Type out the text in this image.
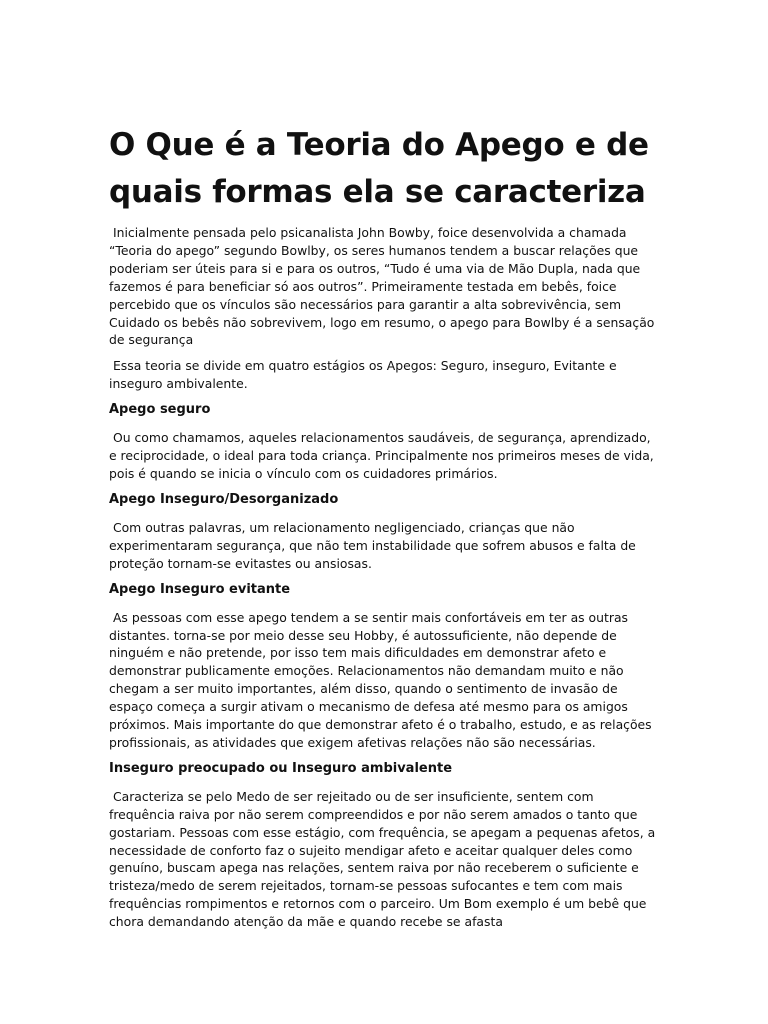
O Que é a Teoria do Apego e de quais formas ela se caracteriza

Inicialmente pensada pelo psicanalista John Bowby, foice desenvolvida a chamada “Teoria do apego” segundo Bowlby, os seres humanos tendem a buscar relações que poderiam ser úteis para si e para os outros, “Tudo é uma via de Mão Dupla, nada que fazemos é para beneficiar só aos outros”. Primeiramente testada em bebês, foice percebido que os vínculos são necessários para garantir a alta sobrevivência, sem Cuidado os bebês não sobrevivem, logo em resumo, o apego para Bowlby é a sensação de segurança

Essa teoria se divide em quatro estágios os Apegos: Seguro, inseguro, Evitante e inseguro ambivalente.

Apego seguro

Ou como chamamos, aqueles relacionamentos saudáveis, de segurança, aprendizado, e reciprocidade, o ideal para toda criança. Principalmente nos primeiros meses de vida, pois é quando se inicia o vínculo com os cuidadores primários.

Apego Inseguro/Desorganizado

Com outras palavras, um relacionamento negligenciado, crianças que não experimentaram segurança, que não tem instabilidade que sofrem abusos e falta de proteção tornam-se evitastes ou ansiosas.

Apego Inseguro evitante

As pessoas com esse apego tendem a se sentir mais confortáveis em ter as outras distantes. torna-se por meio desse seu Hobby, é autossuficiente, não depende de ninguém e não pretende, por isso tem mais dificuldades em demonstrar afeto e demonstrar publicamente emoções. Relacionamentos não demandam muito e não chegam a ser muito importantes, além disso, quando o sentimento de invasão de espaço começa a surgir ativam o mecanismo de defesa até mesmo para os amigos próximos. Mais importante do que demonstrar afeto é o trabalho, estudo, e as relações profissionais, as atividades que exigem afetivas relações não são necessárias.

Inseguro preocupado ou Inseguro ambivalente

Caracteriza se pelo Medo de ser rejeitado ou de ser insuficiente, sentem com frequência raiva por não serem compreendidos e por não serem amados o tanto que gostariam. Pessoas com esse estágio, com frequência, se apegam a pequenas afetos, a necessidade de conforto faz o sujeito mendigar afeto e aceitar qualquer deles como genuíno, buscam apega nas relações, sentem raiva por não receberem o suficiente e tristeza/medo de serem rejeitados, tornam-se pessoas sufocantes e tem com mais frequências rompimentos e retornos com o parceiro. Um Bom exemplo é um bebê que chora demandando atenção da mãe e quando recebe se afasta
